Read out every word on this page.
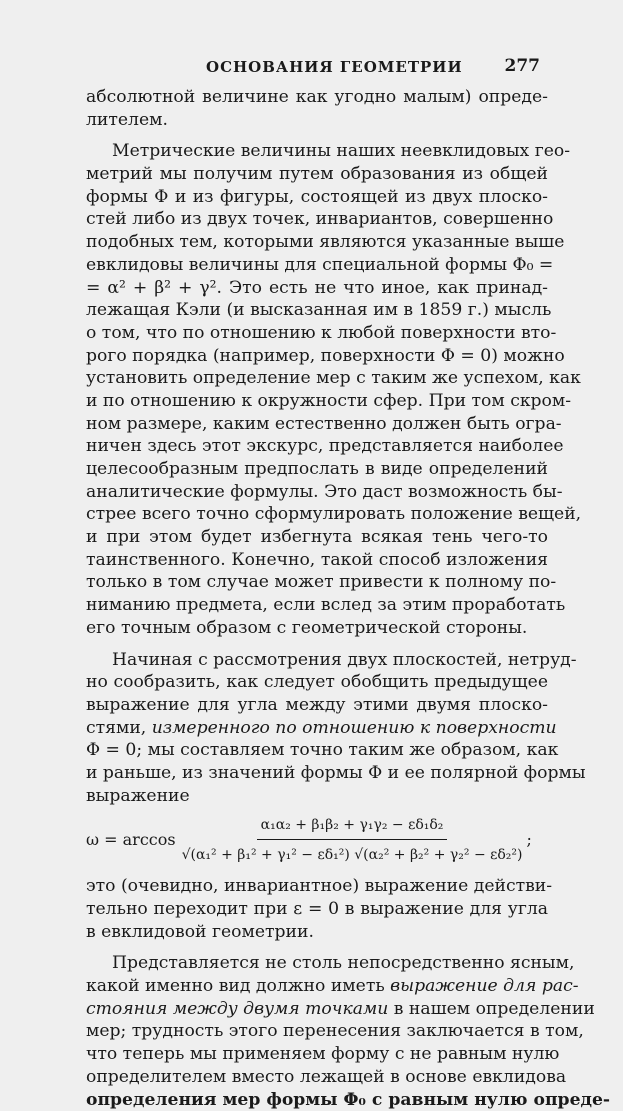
ОСНОВАНИЯ ГЕОМЕТРИИ 277
абсолютной величине как угодно малым) опреде-
лителем.
Метрические величины наших неевклидовых гео-
метрий мы получим путем образования из общей
формы Φ и из фигуры, состоящей из двух плоско-
стей либо из двух точек, инвариантов, совершенно
подобных тем, которыми являются указанные выше
евклидовы величины для специальной формы Φ₀ =
= α² + β² + γ². Это есть не что иное, как принад-
лежащая Кэли (и высказанная им в 1859 г.) мысль
о том, что по отношению к любой поверхности вто-
рого порядка (например, поверхности Φ = 0) можно
установить определение мер с таким же успехом, как
и по отношению к окружности сфер. При том скром-
ном размере, каким естественно должен быть огра-
ничен здесь этот экскурс, представляется наиболее
целесообразным предпослать в виде определений
аналитические формулы. Это даст возможность бы-
стрее всего точно сформулировать положение вещей,
и при этом будет избегнута всякая тень чего-то
таинственного. Конечно, такой способ изложения
только в том случае может привести к полному по-
ниманию предмета, если вслед за этим проработать
его точным образом с геометрической стороны.
Начиная с рассмотрения двух плоскостей, нетруд-
но сообразить, как следует обобщить предыдущее
выражение для угла между этими двумя плоско-
стями, измеренного по отношению к поверхности
Φ = 0; мы составляем точно таким же образом, как
и раньше, из значений формы Φ и ее полярной формы
выражение
$\omega = \arccos \frac{\text{α₁α₂ + β₁β₂ + γ₁γ₂ − εδ₁δ₂}}{\text{√(α₁² + β₁² + γ₁² − εδ₁²) √(α₂² + β₂² + γ₂² − εδ₂²)}}$ ;
это (очевидно, инвариантное) выражение действи-
тельно переходит при ε = 0 в выражение для угла
в евклидовой геометрии.
Представляется не столь непосредственно ясным,
какой именно вид должно иметь выражение для рас-
стояния между двумя точками в нашем определении
мер; трудность этого перенесения заключается в том,
что теперь мы применяем форму с не равным нулю
определителем вместо лежащей в основе евклидова
определения мер формы Φ₀ с равным нулю опреде-
